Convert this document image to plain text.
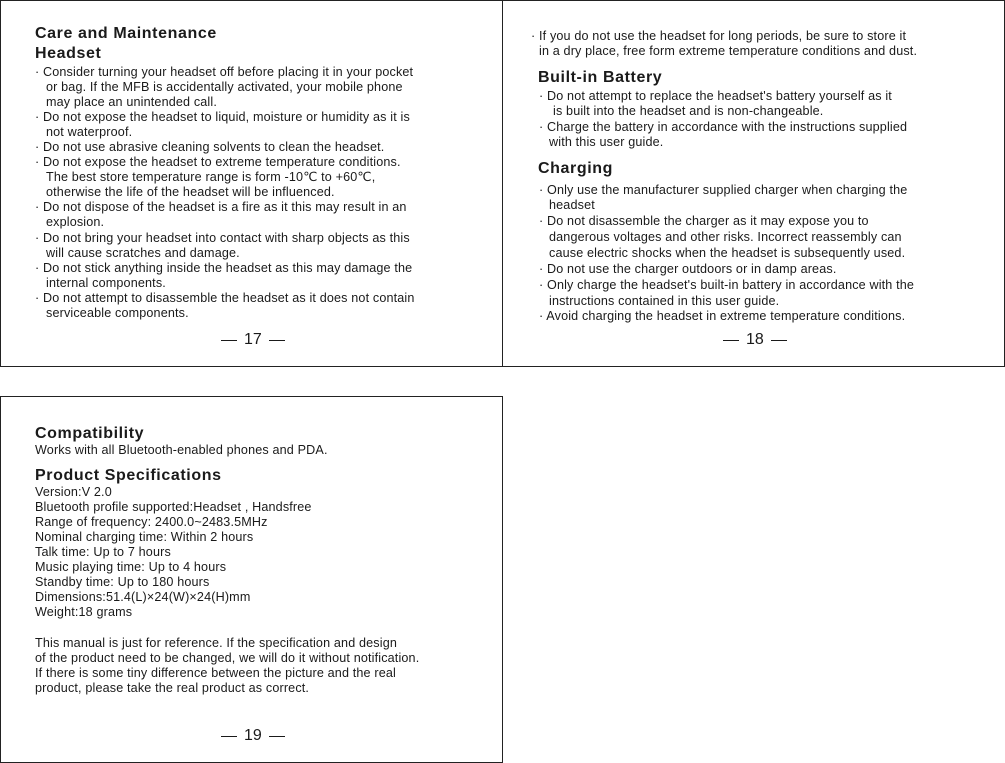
Care and Maintenance
Headset
· Consider turning your headset off before placing it in your pocket
or bag. If the MFB is accidentally activated, your mobile phone
may place an unintended call.
· Do not expose the headset to liquid, moisture or humidity as it is
not waterproof.
· Do not use abrasive cleaning solvents to clean the headset.
· Do not expose the headset to extreme temperature conditions.
The best store temperature range is form -10℃ to +60℃,
otherwise the life of the headset will be influenced.
· Do not dispose of the headset is a fire as it this may result in an
explosion.
· Do not bring your headset into contact with sharp objects as this
will cause scratches and damage.
· Do not stick anything inside the headset as this may damage the
internal components.
· Do not attempt to disassemble the headset as it does not contain
serviceable components.
17
· If you do not use the headset for long periods, be sure to store it
in a dry place, free form extreme temperature conditions and dust.
Built-in Battery
· Do not attempt to replace the headset's battery yourself as it
is built into the headset and is non-changeable.
· Charge the battery in accordance with the instructions supplied
with this user guide.
Charging
· Only use the manufacturer supplied charger when charging the
headset
· Do not disassemble the charger as it may expose you to
dangerous voltages and other risks. Incorrect reassembly can
cause electric shocks when the headset is subsequently used.
· Do not use the charger outdoors or in damp areas.
· Only charge the headset's built-in battery in accordance with the
instructions contained in this user guide.
· Avoid charging the headset in extreme temperature conditions.
18
Compatibility
Works with all Bluetooth-enabled phones and PDA.
Product Specifications
Version:V 2.0
Bluetooth profile supported:Headset , Handsfree
Range of frequency: 2400.0~2483.5MHz
Nominal charging time: Within 2 hours
Talk time: Up to 7 hours
Music playing time: Up to 4 hours
Standby time: Up to 180 hours
Dimensions:51.4(L)×24(W)×24(H)mm
Weight:18 grams
This manual is just for reference. If the specification and design
of the product need to be changed, we will do it without notification.
If there is some tiny difference between the picture and the real
product, please take the real product as correct.
19
